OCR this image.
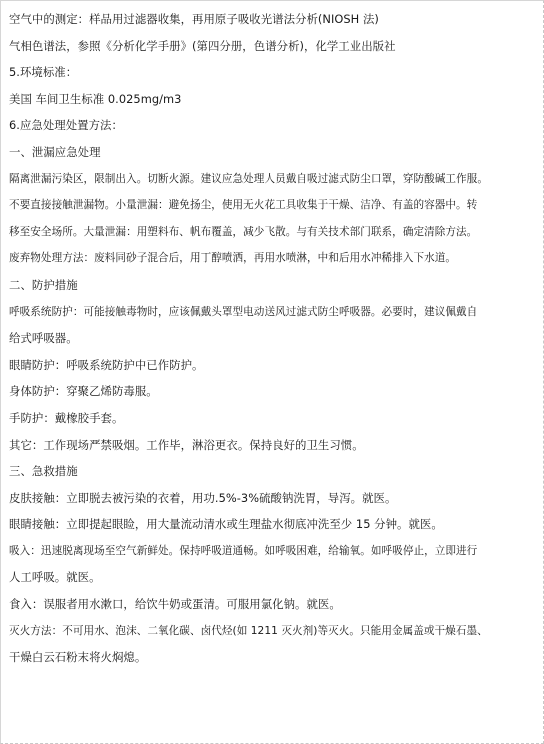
空气中的测定：样品用过滤器收集，再用原子吸收光谱法分析(NIOSH 法)
气相色谱法，参照《分析化学手册》(第四分册，色谱分析)，化学工业出版社
5.环境标准：
美国 车间卫生标准 0.025mg/m3
6.应急处理处置方法：
一、泄漏应急处理
隔离泄漏污染区，限制出入。切断火源。建议应急处理人员戴自吸过滤式防尘口罩，穿防酸碱工作服。
不要直接接触泄漏物。小量泄漏：避免扬尘，使用无火花工具收集于干燥、洁净、有盖的容器中。转
移至安全场所。大量泄漏：用塑料布、帆布覆盖，减少飞散。与有关技术部门联系，确定清除方法。
废弃物处理方法：废料同砂子混合后，用丁醇喷洒，再用水喷淋，中和后用水冲稀排入下水道。
二、防护措施
呼吸系统防护：可能接触毒物时，应该佩戴头罩型电动送风过滤式防尘呼吸器。必要时，建议佩戴自
给式呼吸器。
眼睛防护：呼吸系统防护中已作防护。
身体防护：穿聚乙烯防毒服。
手防护：戴橡胶手套。
其它：工作现场严禁吸烟。工作毕，淋浴更衣。保持良好的卫生习惯。
三、急救措施
皮肤接触：立即脱去被污染的衣着，用功.5%-3%硫酸钠洗胃，导泻。就医。
眼睛接触：立即提起眼睑，用大量流动清水或生理盐水彻底冲洗至少 15 分钟。就医。
吸入：迅速脱离现场至空气新鲜处。保持呼吸道通畅。如呼吸困难，给输氧。如呼吸停止，立即进行
人工呼吸。就医。
食入：误服者用水漱口，给饮牛奶或蛋清。可服用氯化钠。就医。
灭火方法：不可用水、泡沫、二氧化碳、卤代烃(如 1211 灭火剂)等灭火。只能用金属盖或干燥石墨、
干燥白云石粉末将火焖熄。
